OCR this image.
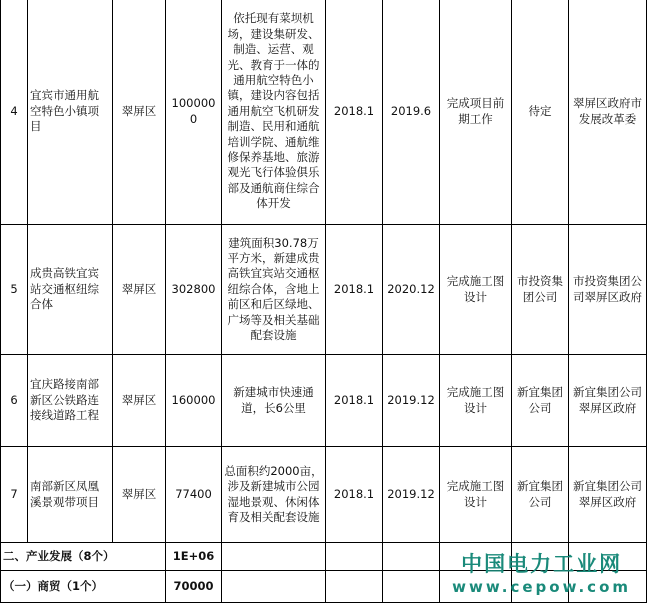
4	宜宾市通用航空特色小镇项目	翠屏区	1000000	依托现有菜坝机场，建设集研发、制造、运营、观光、教育于一体的通用航空特色小镇，建设内容包括通用航空飞机研发制造、民用和通航培训学院、通航维修保养基地、旅游观光飞行体验俱乐部及通航商住综合体开发	2018.1	2019.6	完成项目前期工作	待定	翠屏区政府市发展改革委
5	成贵高铁宜宾站交通枢纽综合体	翠屏区	302800	建筑面积30.78万平方米，新建成贵高铁宜宾站交通枢纽综合体，含地上前区和后区绿地、广场等及相关基础配套设施	2018.1	2020.12	完成施工图设计	市投资集团公司	市投资集团公司翠屏区政府
6	宜庆路接南部新区公铁路连接线道路工程	翠屏区	160000	新建城市快速通道，长6公里	2018.1	2019.12	完成施工图设计	新宜集团公司	新宜集团公司翠屏区政府
7	南部新区凤凰溪景观带项目	翠屏区	77400	总面积约2000亩，涉及新建城市公园湿地景观、休闲体育及相关配套设施	2018.1	2019.12	完成施工图设计	新宜集团公司	新宜集团公司翠屏区政府
二、产业发展（8个）			1E+06						
（一）商贸（1个）			70000						
中国电力工业网
www.cepow.com
